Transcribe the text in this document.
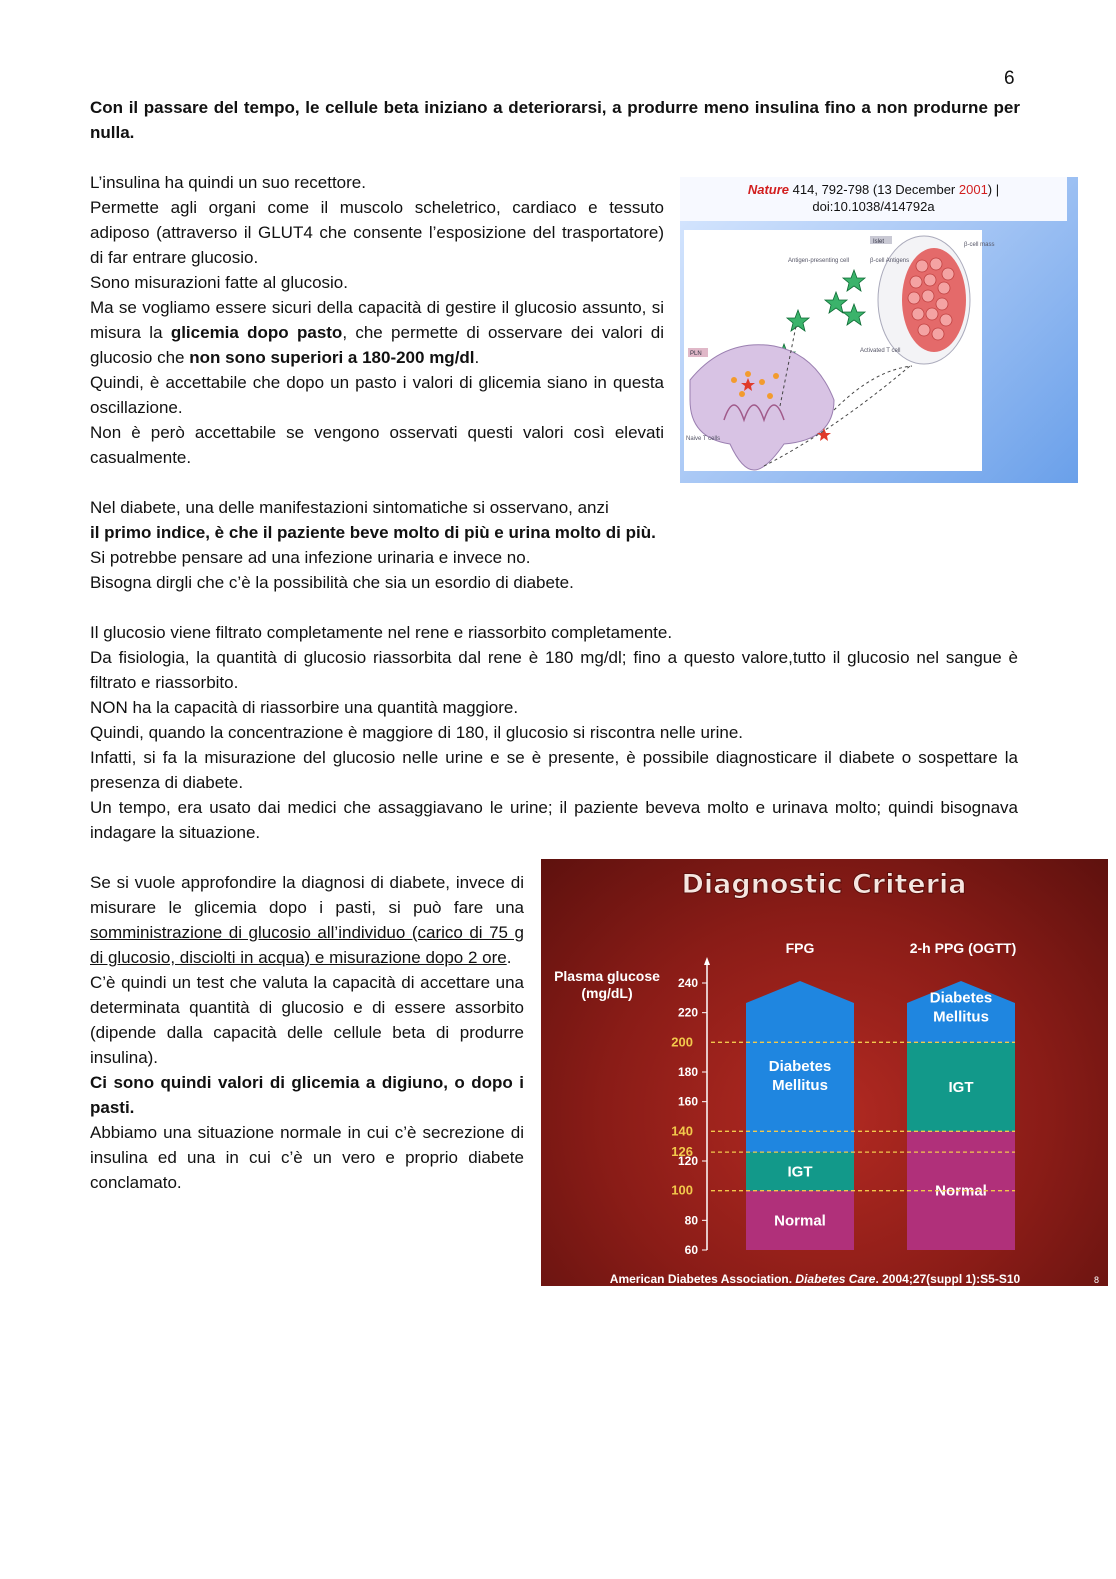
6

Con il passare del tempo, le cellule beta iniziano a deteriorarsi, a produrre meno insulina fino a non produrne per nulla.

L’insulina ha quindi un suo recettore.

Permette agli organi come il muscolo scheletrico, cardiaco e tessuto adiposo (attraverso il GLUT4 che consente l’esposizione del trasportatore) di far entrare glucosio.

Sono misurazioni fatte al glucosio.

Ma se vogliamo essere sicuri della capacità di gestire il glucosio assunto, si misura la glicemia dopo pasto, che permette di osservare dei valori di glucosio che non sono superiori a 180-200 mg/dl.

Quindi, è accettabile che dopo un pasto i valori di glicemia siano in questa oscillazione.

Non è però accettabile se vengono osservati questi valori così elevati casualmente.

Nature 414, 792-798 (13 December 2001) |
doi:10.1038/414792a
Islet	β-cell mass
Antigen-presenting cell	β-cell Antigens
PLN	Activated T cell
Naive T cells

Nel diabete, una delle manifestazioni sintomatiche si osservano, anzi

il primo indice, è che il paziente beve molto di più e urina molto di più.

Si potrebbe pensare ad una infezione urinaria e invece no.

Bisogna dirgli che c’è la possibilità che sia un esordio di diabete.

Il glucosio viene filtrato completamente nel rene e riassorbito completamente.

Da fisiologia, la quantità di glucosio riassorbita dal rene è 180 mg/dl; fino a questo valore,tutto il glucosio nel sangue è filtrato e riassorbito.

NON ha la capacità di riassorbire una quantità maggiore.

Quindi, quando la concentrazione è maggiore di 180, il glucosio si riscontra nelle urine.

Infatti, si fa la misurazione del glucosio nelle urine e se è presente, è possibile diagnosticare il diabete o sospettare la presenza di diabete.

Un tempo, era usato dai medici che assaggiavano le urine; il paziente beveva molto e urinava molto; quindi bisognava indagare la situazione.

Se si vuole approfondire la diagnosi di diabete, invece di misurare le glicemia dopo i pasti, si può fare una somministrazione di glucosio all’individuo (carico di 75 g di glucosio, disciolti in acqua) e misurazione dopo 2 ore.

C’è quindi un test che valuta la capacità di accettare una determinata quantità di glucosio e di essere assorbito (dipende dalla capacità delle cellule beta di produrre insulina).

Ci sono quindi valori di glicemia a digiuno, o dopo i pasti.

Abbiamo una situazione normale in cui c’è secrezione di insulina ed una in cui c’è un vero e proprio diabete conclamato.

Diagnostic Criteria
Plasma glucose (mg/dL)
60
80
120
160
180
220
240
Normal
IGT
Diabetes Mellitus
FPG
Normal
IGT
Diabetes Mellitus
2-h PPG (OGTT)
100
126
140
200
American Diabetes Association. Diabetes Care. 2004;27(suppl 1):S5-S10	8
